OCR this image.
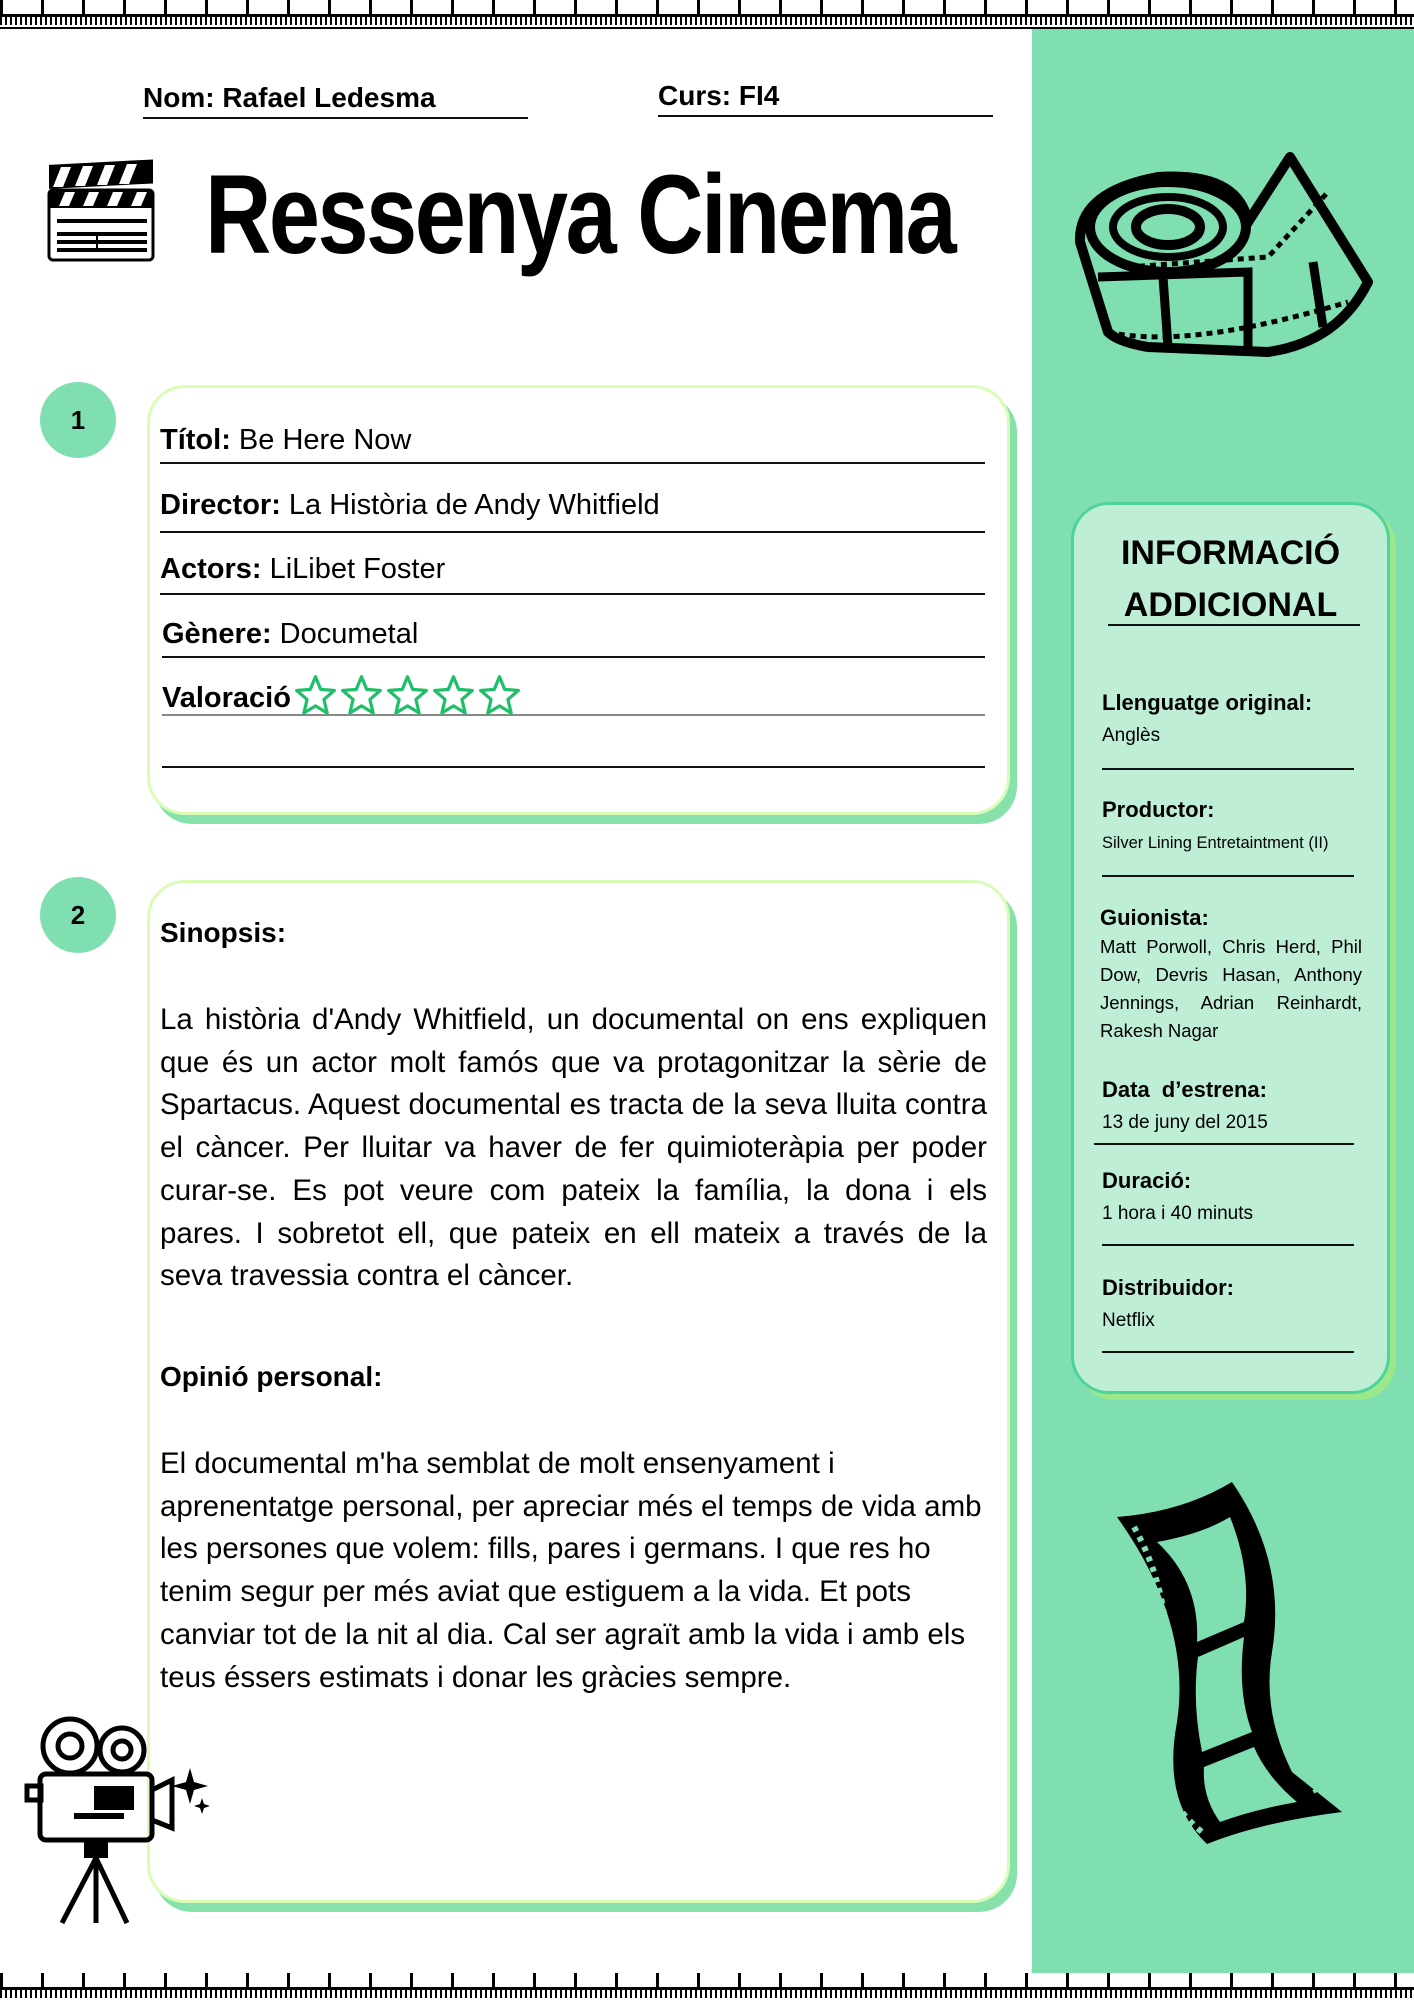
Nom: Rafael Ledesma	Curs: FI4
Ressenya Cinema
1
2
Títol: Be Here Now
Director: La Història de Andy Whitfield
Actors: LiLibet Foster
Gènere: Documetal
Valoració
Sinopsis:
La història d'Andy Whitfield, un documental on ens expliquen que és un actor molt famós que va protagonitzar la sèrie de Spartacus. Aquest documental es tracta de la seva lluita contra el càncer. Per lluitar va haver de fer quimioteràpia per poder curar-se. Es pot veure com pateix la família, la dona i els pares. I sobretot ell, que pateix en ell mateix a través de la seva travessia contra el càncer.
Opinió personal:
El documental m'ha semblat de molt ensenyament i aprenentatge personal, per apreciar més el temps de vida amb les persones que volem: fills, pares i germans. I que res ho tenim segur per més aviat que estiguem a la vida. Et pots canviar tot de la nit al dia. Cal ser agraït amb la vida i amb els teus éssers estimats i donar les gràcies sempre.
INFORMACIÓ ADDICIONAL
Llenguatge original:
Anglès
Productor:
Silver Lining Entretaintment (II)
Guionista:
Matt Porwoll, Chris Herd, Phil Dow, Devris Hasan, Anthony Jennings, Adrian Reinhardt, Rakesh Nagar
Data d’estrena:
13 de juny del 2015
Duració:
1 hora i 40 minuts
Distribuidor:
Netflix
